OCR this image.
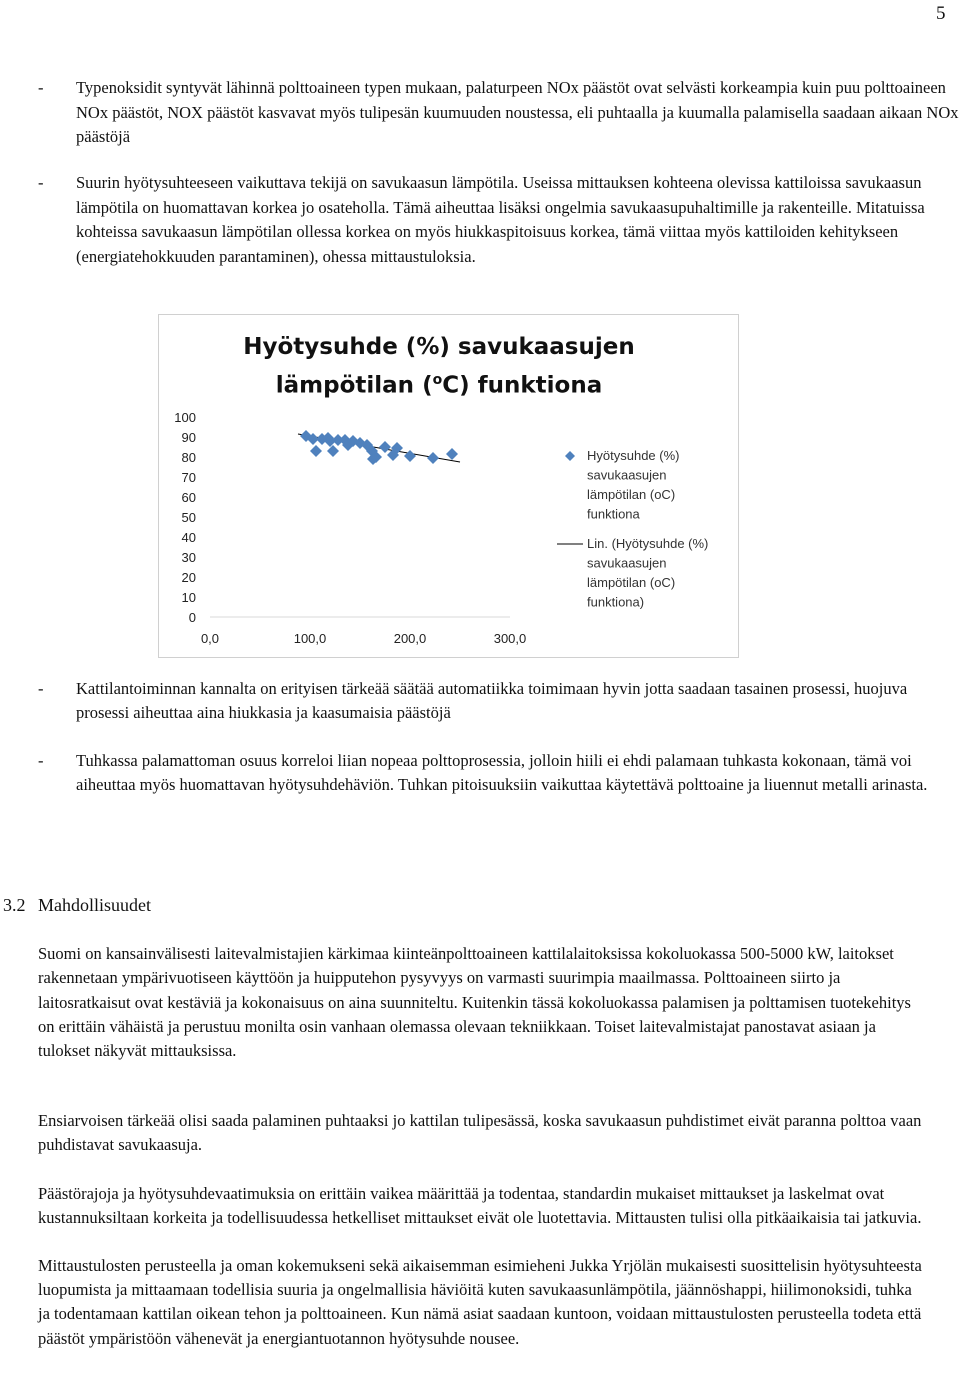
5
- Typenoksidit syntyvät lähinnä polttoaineen typen mukaan, palaturpeen NOx päästöt ovat selvästi korkeampia kuin puu polttoaineen NOx päästöt, NOX päästöt kasvavat myös tulipesän kuumuuden noustessa, eli puhtaalla ja kuumalla palamisella saadaan aikaan NOx päästöjä
- Suurin hyötysuhteeseen vaikuttava tekijä on savukaasun lämpötila. Useissa mittauksen kohteena olevissa kattiloissa savukaasun lämpötila on huomattavan korkea jo osateholla. Tämä aiheuttaa lisäksi ongelmia savukaasupuhaltimille ja rakenteille. Mitatuissa kohteissa savukaasun lämpötilan ollessa korkea on myös hiukkaspitoisuus korkea, tämä viittaa myös kattiloiden kehitykseen (energiatehokkuuden parantaminen), ohessa mittaustuloksia.
Hyötysuhde (%) savukaasujen
lämpötilan ($^o$C) funktiona
0
10
20
30
40
50
60
70
80
90
100
0,0	100,0	200,0	300,0
Hyötysuhde (%)
savukaasujen
lämpötilan (oC)
funktiona
Lin. (Hyötysuhde (%)
savukaasujen
lämpötilan (oC)
funktiona)
- Kattilantoiminnan kannalta on erityisen tärkeää säätää automatiikka toimimaan hyvin jotta saadaan tasainen prosessi, huojuva prosessi aiheuttaa aina hiukkasia ja kaasumaisia päästöjä
- Tuhkassa palamattoman osuus korreloi liian nopeaa polttoprosessia, jolloin hiili ei ehdi palamaan tuhkasta kokonaan, tämä voi aiheuttaa myös huomattavan hyötysuhdehäviön. Tuhkan pitoisuuksiin vaikuttaa käytettävä polttoaine ja liuennut metalli arinasta.
3.2 Mahdollisuudet
Suomi on kansainvälisesti laitevalmistajien kärkimaa kiinteänpolttoaineen kattilalaitoksissa kokoluokassa 500-5000 kW, laitokset rakennetaan ympärivuotiseen käyttöön ja huipputehon pysyvyys on varmasti suurimpia maailmassa. Polttoaineen siirto ja laitosratkaisut ovat kestäviä ja kokonaisuus on aina suunniteltu. Kuitenkin tässä kokoluokassa palamisen ja polttamisen tuotekehitys on erittäin vähäistä ja perustuu monilta osin vanhaan olemassa olevaan tekniikkaan. Toiset laitevalmistajat panostavat asiaan ja tulokset näkyvät mittauksissa.
Ensiarvoisen tärkeää olisi saada palaminen puhtaaksi jo kattilan tulipesässä, koska savukaasun puhdistimet eivät paranna polttoa vaan puhdistavat savukaasuja.
Päästörajoja ja hyötysuhdevaatimuksia on erittäin vaikea määrittää ja todentaa, standardin mukaiset mittaukset ja laskelmat ovat kustannuksiltaan korkeita ja todellisuudessa hetkelliset mittaukset eivät ole luotettavia. Mittausten tulisi olla pitkäaikaisia tai jatkuvia.
Mittaustulosten perusteella ja oman kokemukseni sekä aikaisemman esimieheni Jukka Yrjölän mukaisesti suosittelisin hyötysuhteesta luopumista ja mittaamaan todellisia suuria ja ongelmallisia häviöitä kuten savukaasunlämpötila, jäännöshappi, hiilimonoksidi, tuhka ja todentamaan kattilan oikean tehon ja polttoaineen. Kun nämä asiat saadaan kuntoon, voidaan mittaustulosten perusteella todeta että päästöt ympäristöön vähenevät ja energiantuotannon hyötysuhde nousee.
